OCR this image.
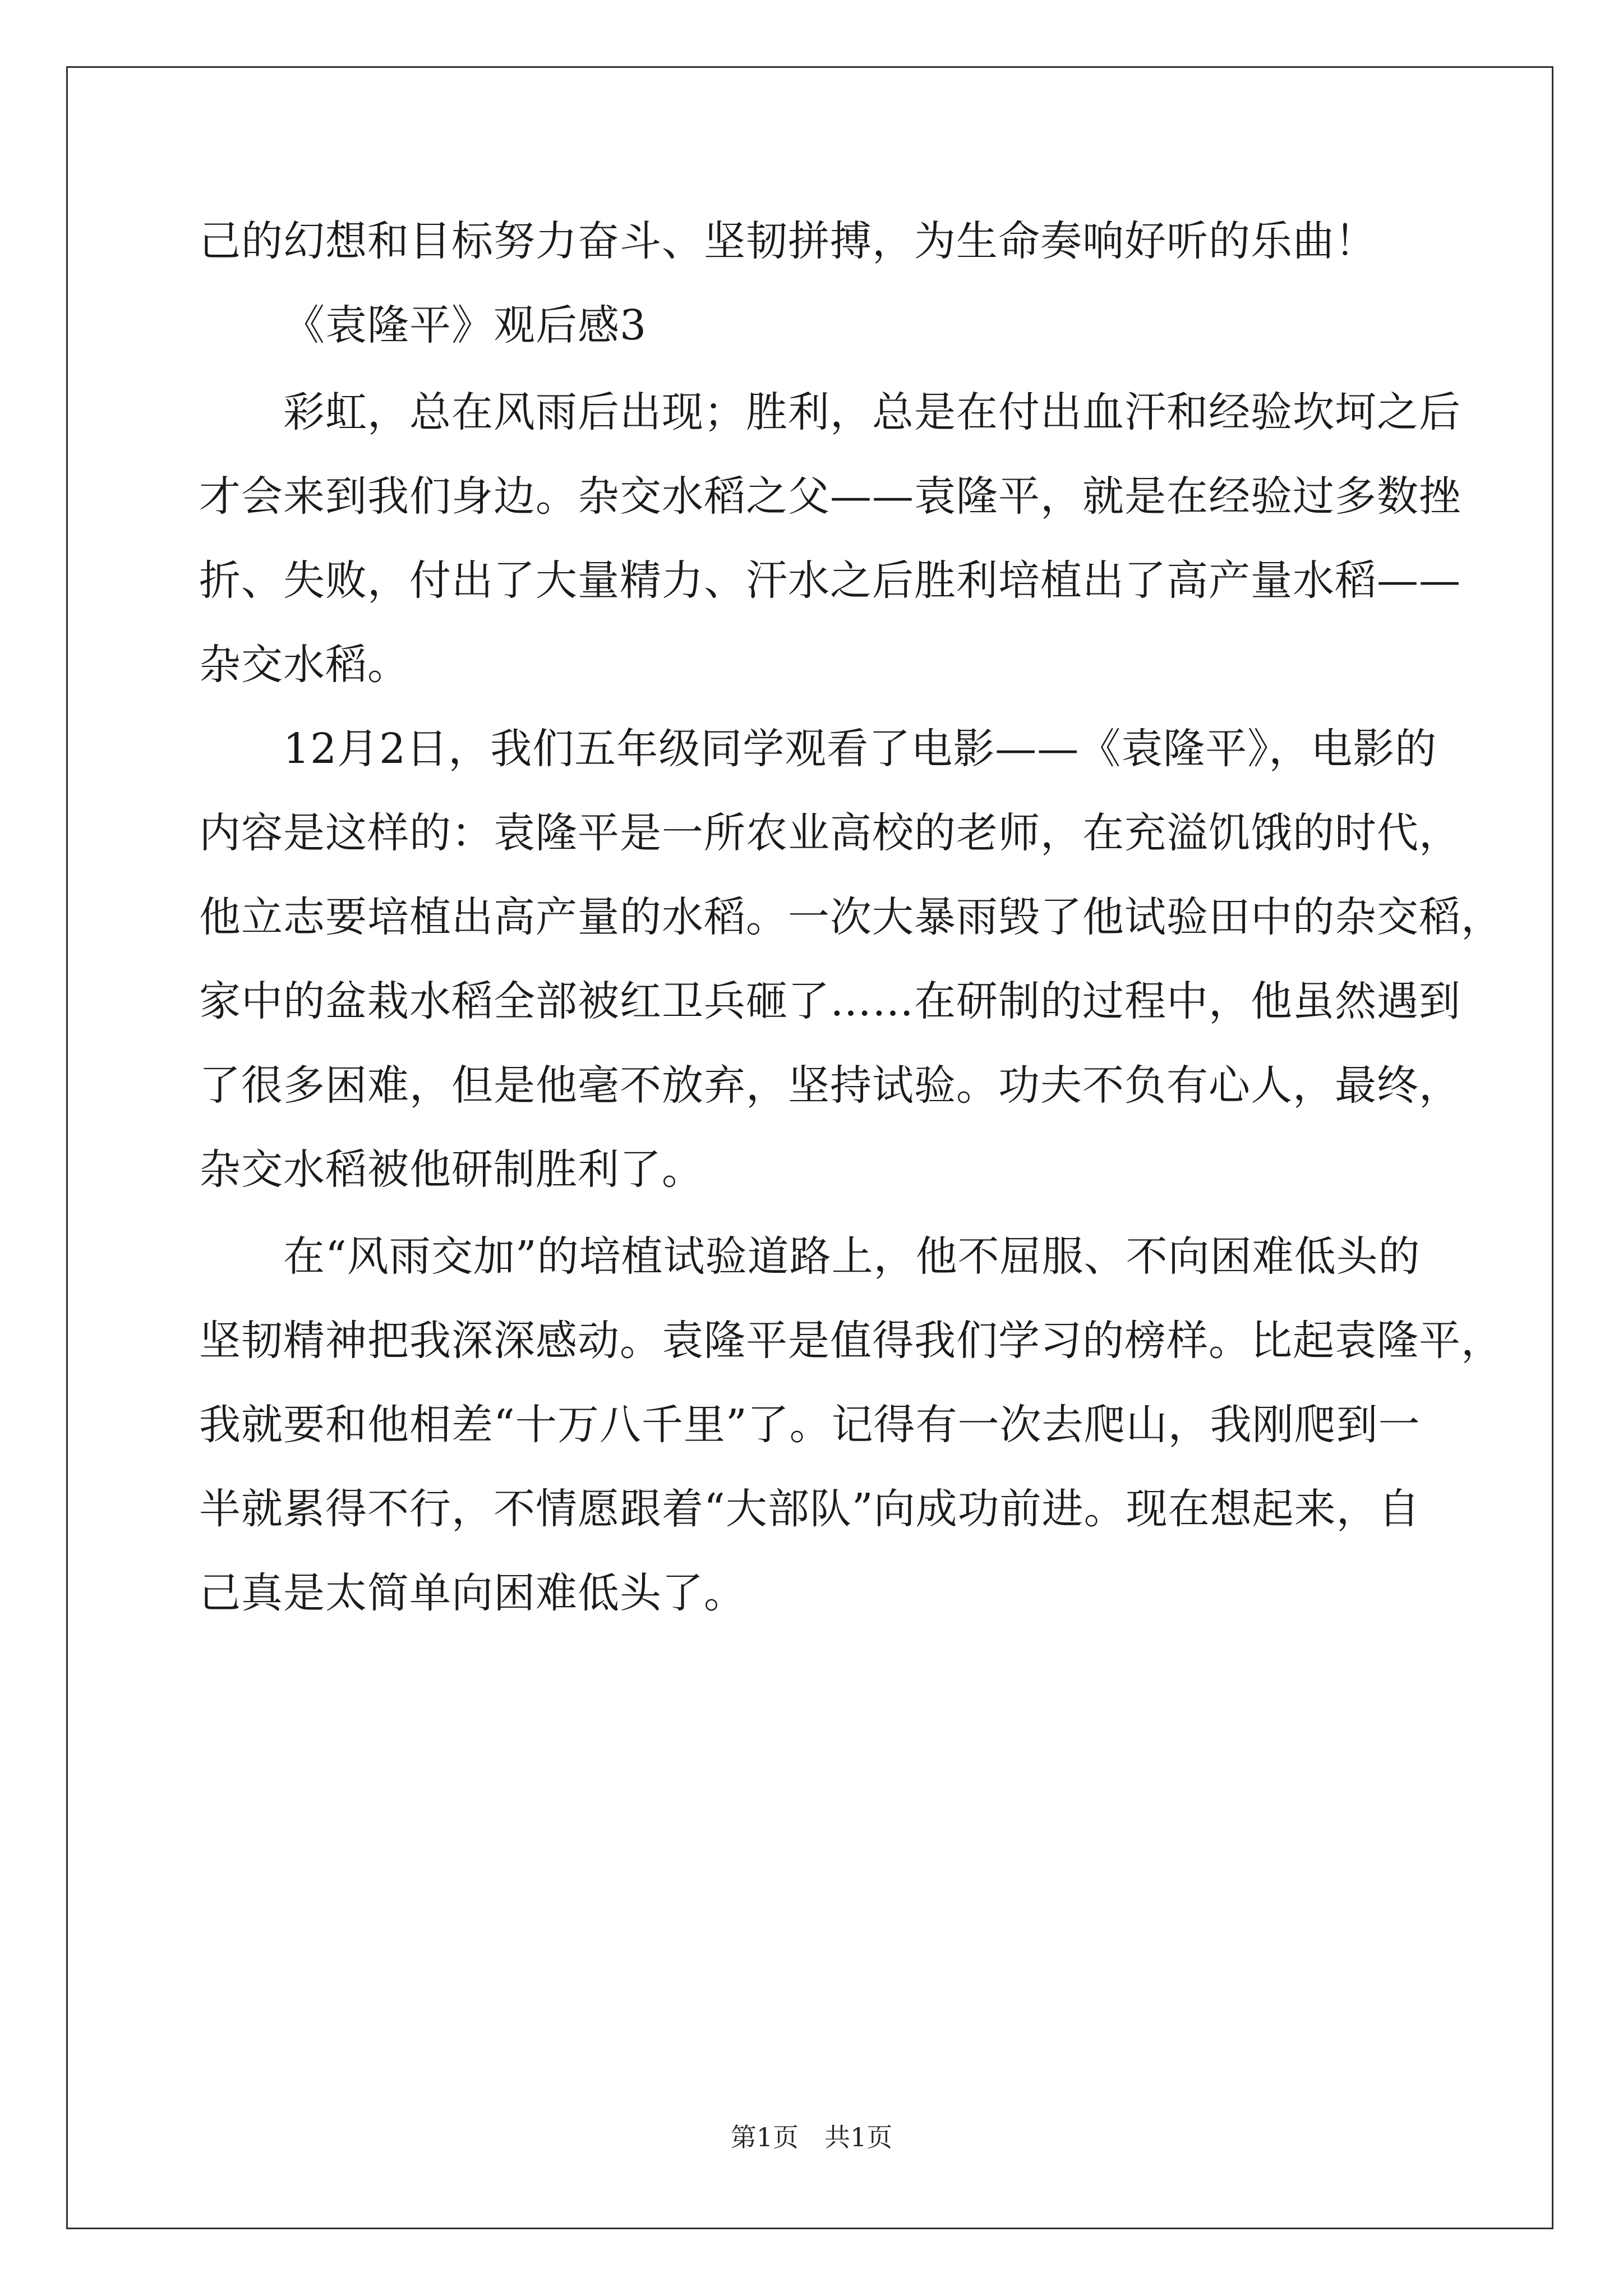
己的幻想和目标努力奋斗、坚韧拼搏，为生命奏响好听的乐曲！
《袁隆平》观后感3
彩虹，总在风雨后出现；胜利，总是在付出血汗和经验坎坷之后
才会来到我们身边。杂交水稻之父——袁隆平，就是在经验过多数挫
折、失败，付出了大量精力、汗水之后胜利培植出了高产量水稻——
杂交水稻。
12月2日，我们五年级同学观看了电影——《袁隆平》，电影的
内容是这样的：袁隆平是一所农业高校的老师，在充溢饥饿的时代，
他立志要培植出高产量的水稻。一次大暴雨毁了他试验田中的杂交稻，
家中的盆栽水稻全部被红卫兵砸了……在研制的过程中，他虽然遇到
了很多困难，但是他毫不放弃，坚持试验。功夫不负有心人，最终，
杂交水稻被他研制胜利了。
在“风雨交加”的培植试验道路上，他不屈服、不向困难低头的
坚韧精神把我深深感动。袁隆平是值得我们学习的榜样。比起袁隆平，
我就要和他相差“十万八千里”了。记得有一次去爬山，我刚爬到一
半就累得不行，不情愿跟着“大部队”向成功前进。现在想起来，自
己真是太简单向困难低头了。
第1页　共1页
